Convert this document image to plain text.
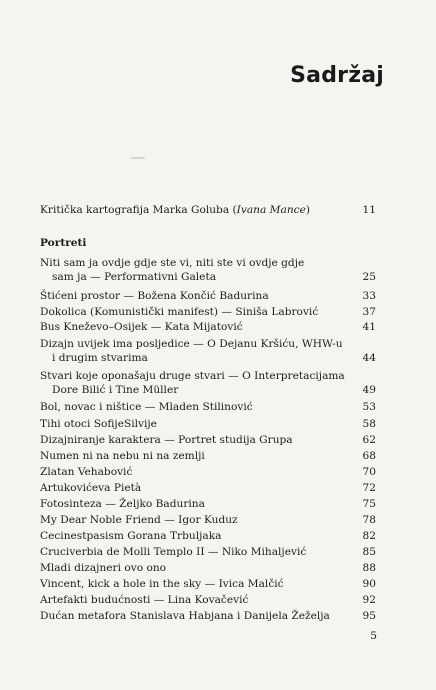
Sadržaj
Kritička kartografija Marka Goluba (Ivana Mance)	11
Portreti
Niti sam ja ovdje gdje ste vi, niti ste vi ovdje gdje
sam ja — Performativni Galeta	25
Štićeni prostor — Božena Končić Badurina	33
Dokolica (Komunistički manifest) — Siniša Labrović	37
Bus Kneževo–Osijek — Kata Mijatović	41
Dizajn uvijek ima posljedice — O Dejanu Kršiću, WHW-u
i drugim stvarima	44
Stvari koje oponašaju druge stvari — O Interpretacijama
Dore Bilić i Tine Müller	49
Bol, novac i ništice — Mladen Stilinović	53
Tihi otoci SofijeSilvije	58
Dizajniranje karaktera — Portret studija Grupa	62
Numen ni na nebu ni na zemlji	68
Zlatan Vehabović	70
Artukovićeva Pietà	72
Fotosinteza — Željko Badurina	75
My Dear Noble Friend — Igor Kuduz	78
Cecinestpasism Gorana Trbuljaka	82
Cruciverbia de Molli Templo II — Niko Mihaljević	85
Mladi dizajneri ovo ono	88
Vincent, kick a hole in the sky — Ivica Malčić	90
Artefakti budućnosti — Lina Kovačević	92
Dućan metafora Stanislava Habjana i Danijela Žeželja	95
5
